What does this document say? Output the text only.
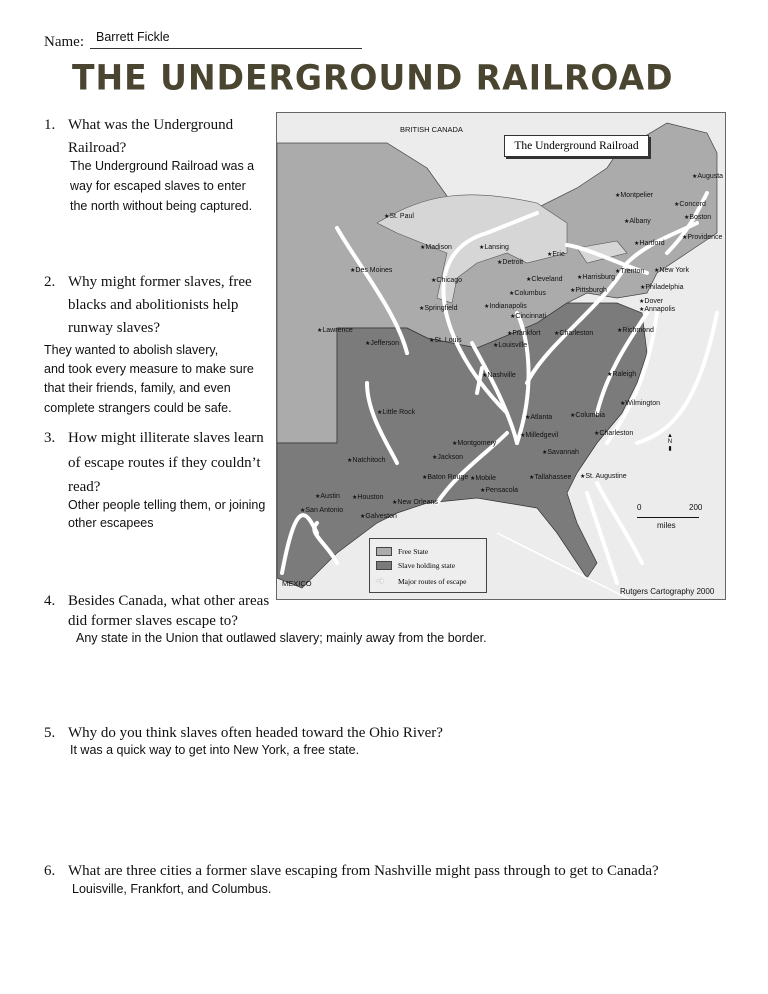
Name: Barrett Fickle
THE UNDERGROUND RAILROAD
1. What was the Underground
Railroad?
The Underground Railroad was a
way for escaped slaves to enter
the north without being captured.
2. Why might former slaves, free
blacks and abolitionists help
runway slaves?
They wanted to abolish slavery,
and took every measure to make sure
that their friends, family, and even
complete strangers could be safe.
3. How might illiterate slaves learn
of escape routes if they couldn’t
read?
Other people telling them, or joining
other escapees
4. Besides Canada, what other areas
did former slaves escape to?
Any state in the Union that outlawed slavery; mainly away from the border.
5. Why do you think slaves often headed toward the Ohio River?
It was a quick way to get into New York, a free state.
6. What are three cities a former slave escaping from Nashville might pass through to get to Canada?
Louisville, Frankfort, and Columbus.
The Underground Railroad
BRITISH CANADA
MEXICO
★St. Paul
★Madison	★Lansing
★Detroit
★Erie
★Des Moines
★Chicago	★Cleveland ★Harrisburg
★Trenton ★New York
★Philadelphia
★Pittsburgh
★Columbus
★Indianapolis
★Springfield
★Cincinnati
★Dover
★Annapolis
★Lawrence	★Frankfort ★Charleston	★Richmond
★Jefferson	★St. Louis
★Louisville
★Montpelier
★Augusta
★Concord
★Boston
★Albany
★Hartford
★Providence
★Nashville	★Raleigh
★Wilmington
★Little Rock
★Atlanta	★Columbia
★Milledgevil	★Charleston
★Montgomery
★Savannah
★Jackson
★Natchitoch
★Baton Rouge ★Mobile	★Tallahassee ★St. Augustine
★Pensacola
★Austin ★Houston
★New Orleans
★San Antonio
★Galveston
Free State
Slave holding state
➔	Major routes of escape
0	200
miles
▲
N
▮
Rutgers Cartography 2000
